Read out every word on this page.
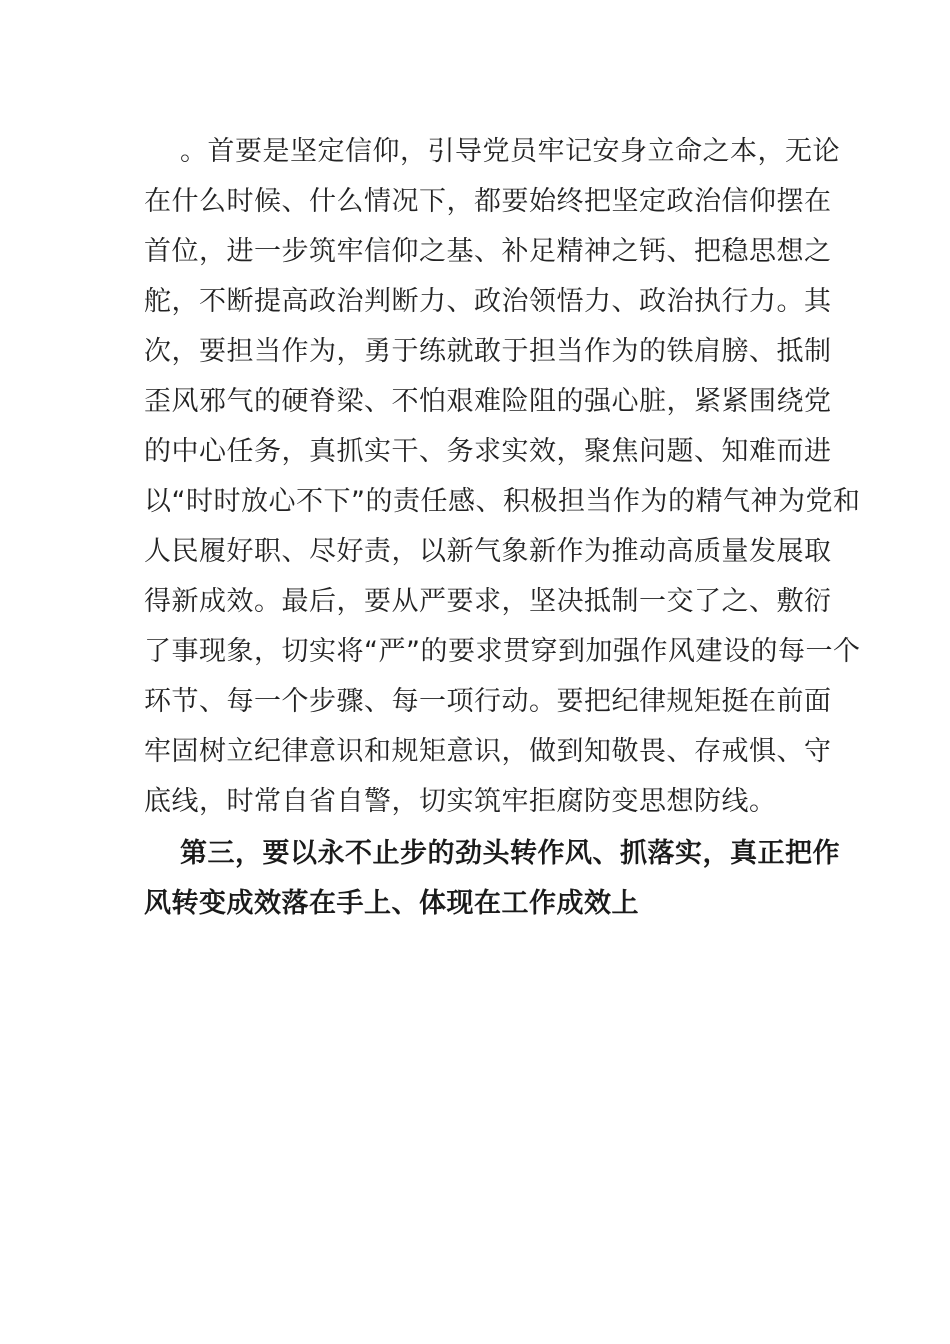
。首要是坚定信仰，引导党员牢记安身立命之本，无论
在什么时候、什么情况下，都要始终把坚定政治信仰摆在
首位，进一步筑牢信仰之基、补足精神之钙、把稳思想之
舵，不断提高政治判断力、政治领悟力、政治执行力。其
次，要担当作为，勇于练就敢于担当作为的铁肩膀、抵制
歪风邪气的硬脊梁、不怕艰难险阻的强心脏，紧紧围绕党
的中心任务，真抓实干、务求实效，聚焦问题、知难而进
以“时时放心不下”的责任感、积极担当作为的精气神为党和
人民履好职、尽好责，以新气象新作为推动高质量发展取
得新成效。最后，要从严要求，坚决抵制一交了之、敷衍
了事现象，切实将“严”的要求贯穿到加强作风建设的每一个
环节、每一个步骤、每一项行动。要把纪律规矩挺在前面
牢固树立纪律意识和规矩意识，做到知敬畏、存戒惧、守
底线，时常自省自警，切实筑牢拒腐防变思想防线。
第三，要以永不止步的劲头转作风、抓落实，真正把作
风转变成效落在手上、体现在工作成效上
